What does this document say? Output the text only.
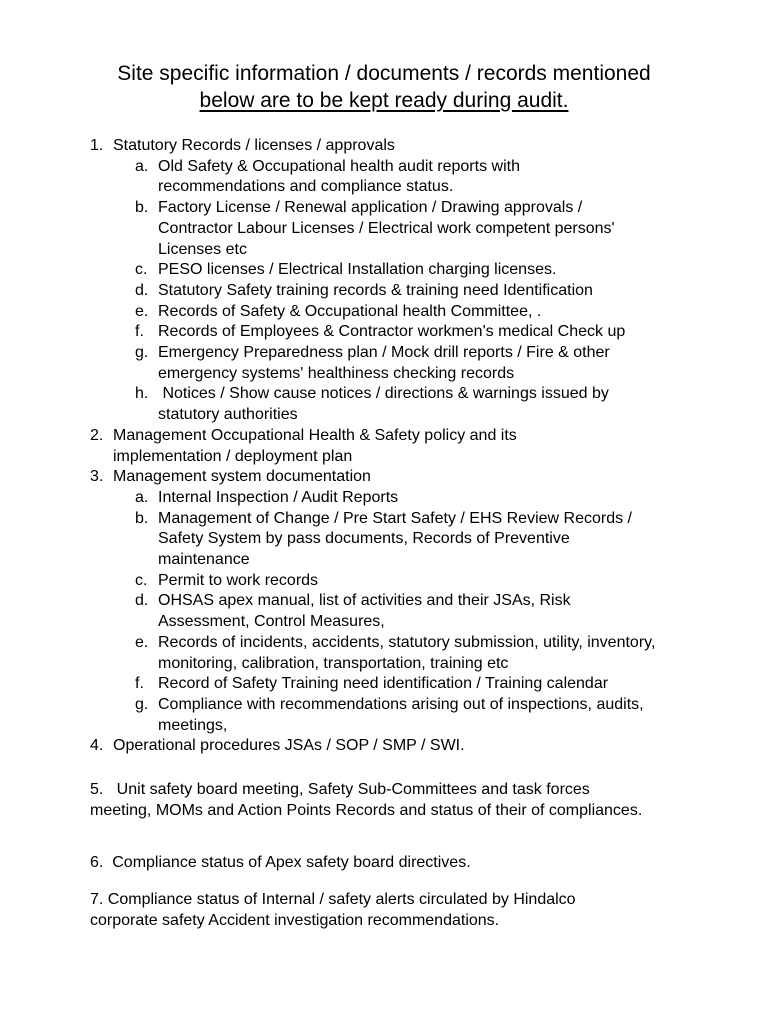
Site specific information / documents / records mentioned
below are to be kept ready during audit.
1. Statutory Records / licenses / approvals
a. Old Safety & Occupational health audit reports with recommendations and compliance status.
b. Factory License / Renewal application / Drawing approvals / Contractor Labour Licenses / Electrical work competent persons' Licenses etc
c. PESO licenses / Electrical Installation charging licenses.
d. Statutory Safety training records & training need Identification
e. Records of Safety & Occupational health Committee, .
f. Records of Employees & Contractor workmen's medical Check up
g. Emergency Preparedness plan / Mock drill reports / Fire & other emergency systems' healthiness checking records
h. Notices / Show cause notices / directions & warnings issued by statutory authorities
2. Management Occupational Health & Safety policy and its implementation / deployment plan
3. Management system documentation
a. Internal Inspection / Audit Reports
b. Management of Change / Pre Start Safety / EHS Review Records / Safety System by pass documents, Records of Preventive maintenance
c. Permit to work records
d. OHSAS apex manual, list of activities and their JSAs, Risk Assessment, Control Measures,
e. Records of incidents, accidents, statutory submission, utility, inventory, monitoring, calibration, transportation, training etc
f. Record of Safety Training need identification / Training calendar
g. Compliance with recommendations arising out of inspections, audits, meetings,
4. Operational procedures JSAs / SOP / SMP / SWI.
5.   Unit safety board meeting, Safety Sub-Committees and task forces meeting, MOMs and Action Points Records and status of their of compliances.
6.  Compliance status of Apex safety board directives.
7. Compliance status of Internal / safety alerts circulated by Hindalco corporate safety Accident investigation recommendations.
